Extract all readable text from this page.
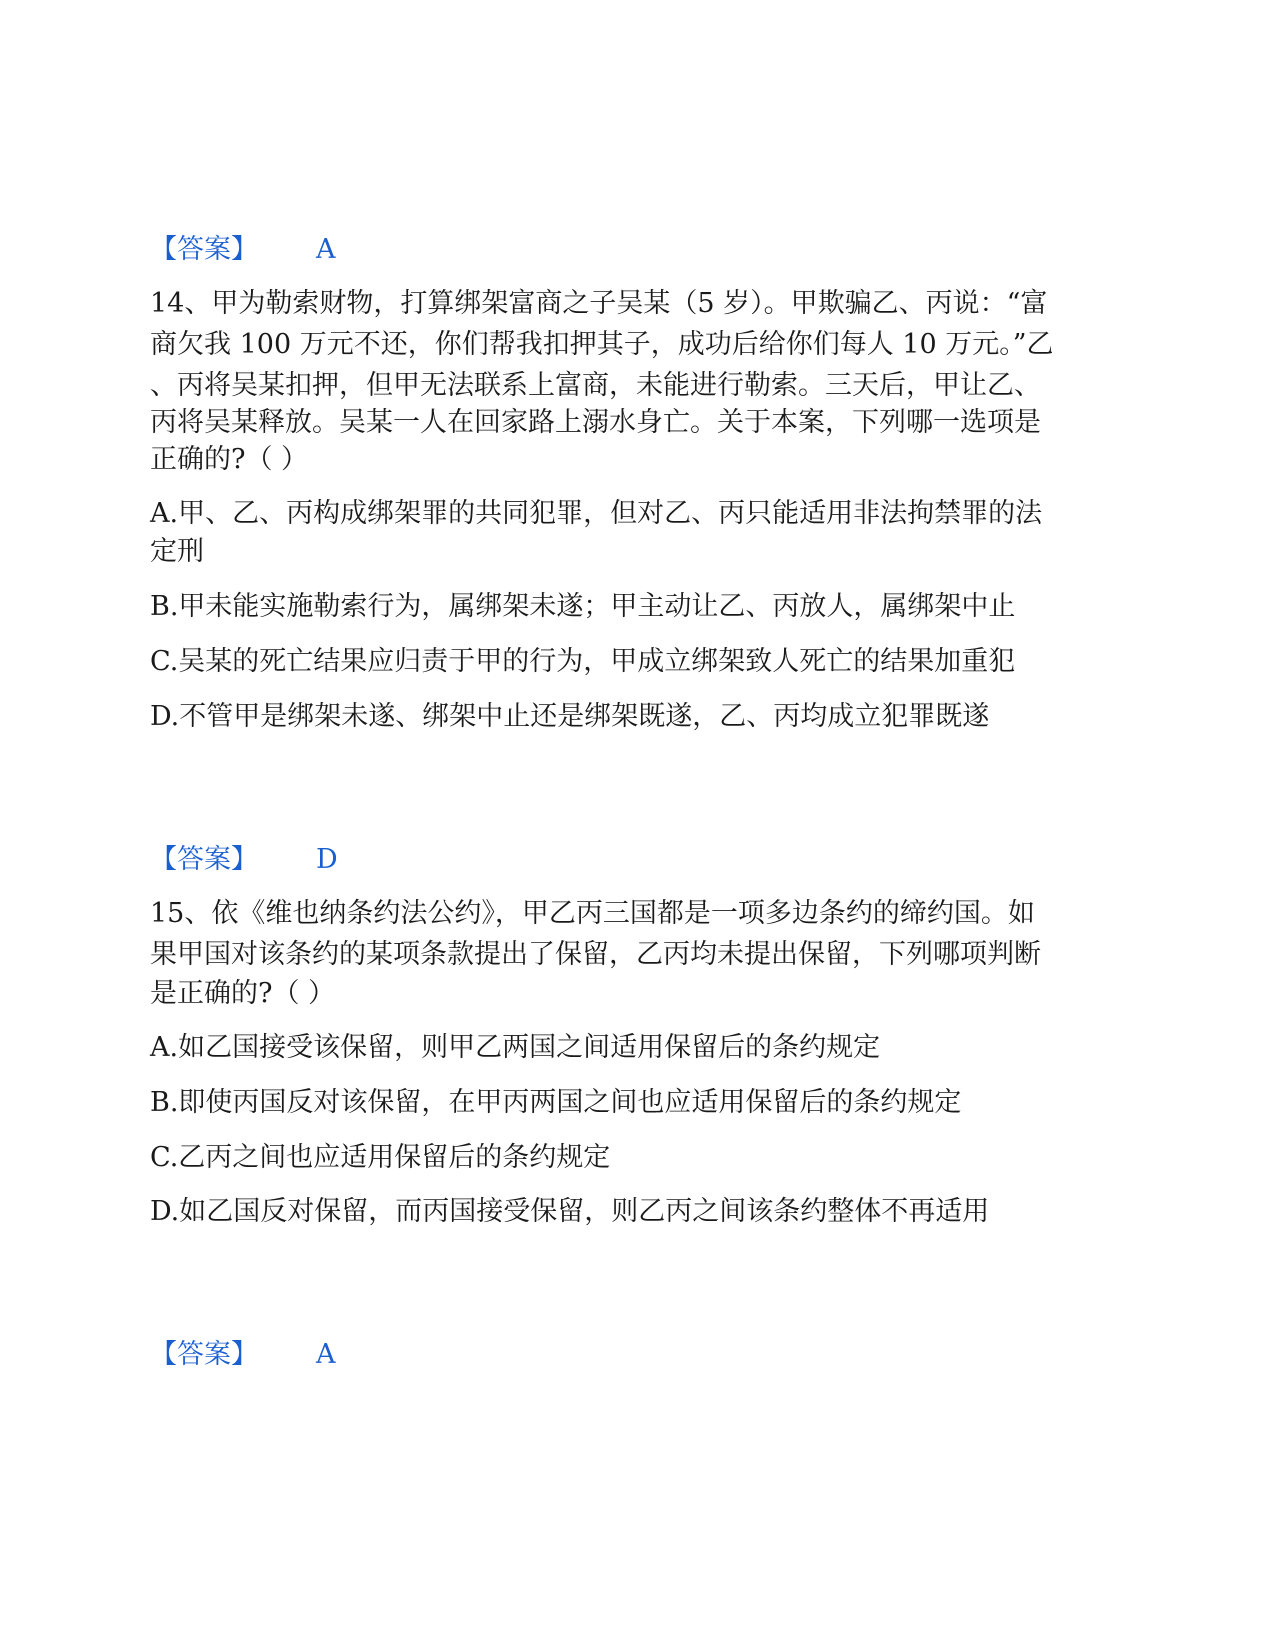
【答案】 A
14、甲为勒索财物，打算绑架富商之子吴某（5 岁）。甲欺骗乙、丙说：“富
商欠我 100 万元不还，你们帮我扣押其子，成功后给你们每人 10 万元。”乙
、丙将吴某扣押，但甲无法联系上富商，未能进行勒索。三天后，甲让乙、
丙将吴某释放。吴某一人在回家路上溺水身亡。关于本案，下列哪一选项是
正确的?（ ）
A.甲、乙、丙构成绑架罪的共同犯罪，但对乙、丙只能适用非法拘禁罪的法
定刑
B.甲未能实施勒索行为，属绑架未遂；甲主动让乙、丙放人，属绑架中止
C.吴某的死亡结果应归责于甲的行为，甲成立绑架致人死亡的结果加重犯
D.不管甲是绑架未遂、绑架中止还是绑架既遂，乙、丙均成立犯罪既遂
【答案】 D
15、依《维也纳条约法公约》，甲乙丙三国都是一项多边条约的缔约国。如
果甲国对该条约的某项条款提出了保留，乙丙均未提出保留，下列哪项判断
是正确的?（ ）
A.如乙国接受该保留，则甲乙两国之间适用保留后的条约规定
B.即使丙国反对该保留，在甲丙两国之间也应适用保留后的条约规定
C.乙丙之间也应适用保留后的条约规定
D.如乙国反对保留，而丙国接受保留，则乙丙之间该条约整体不再适用
【答案】 A
